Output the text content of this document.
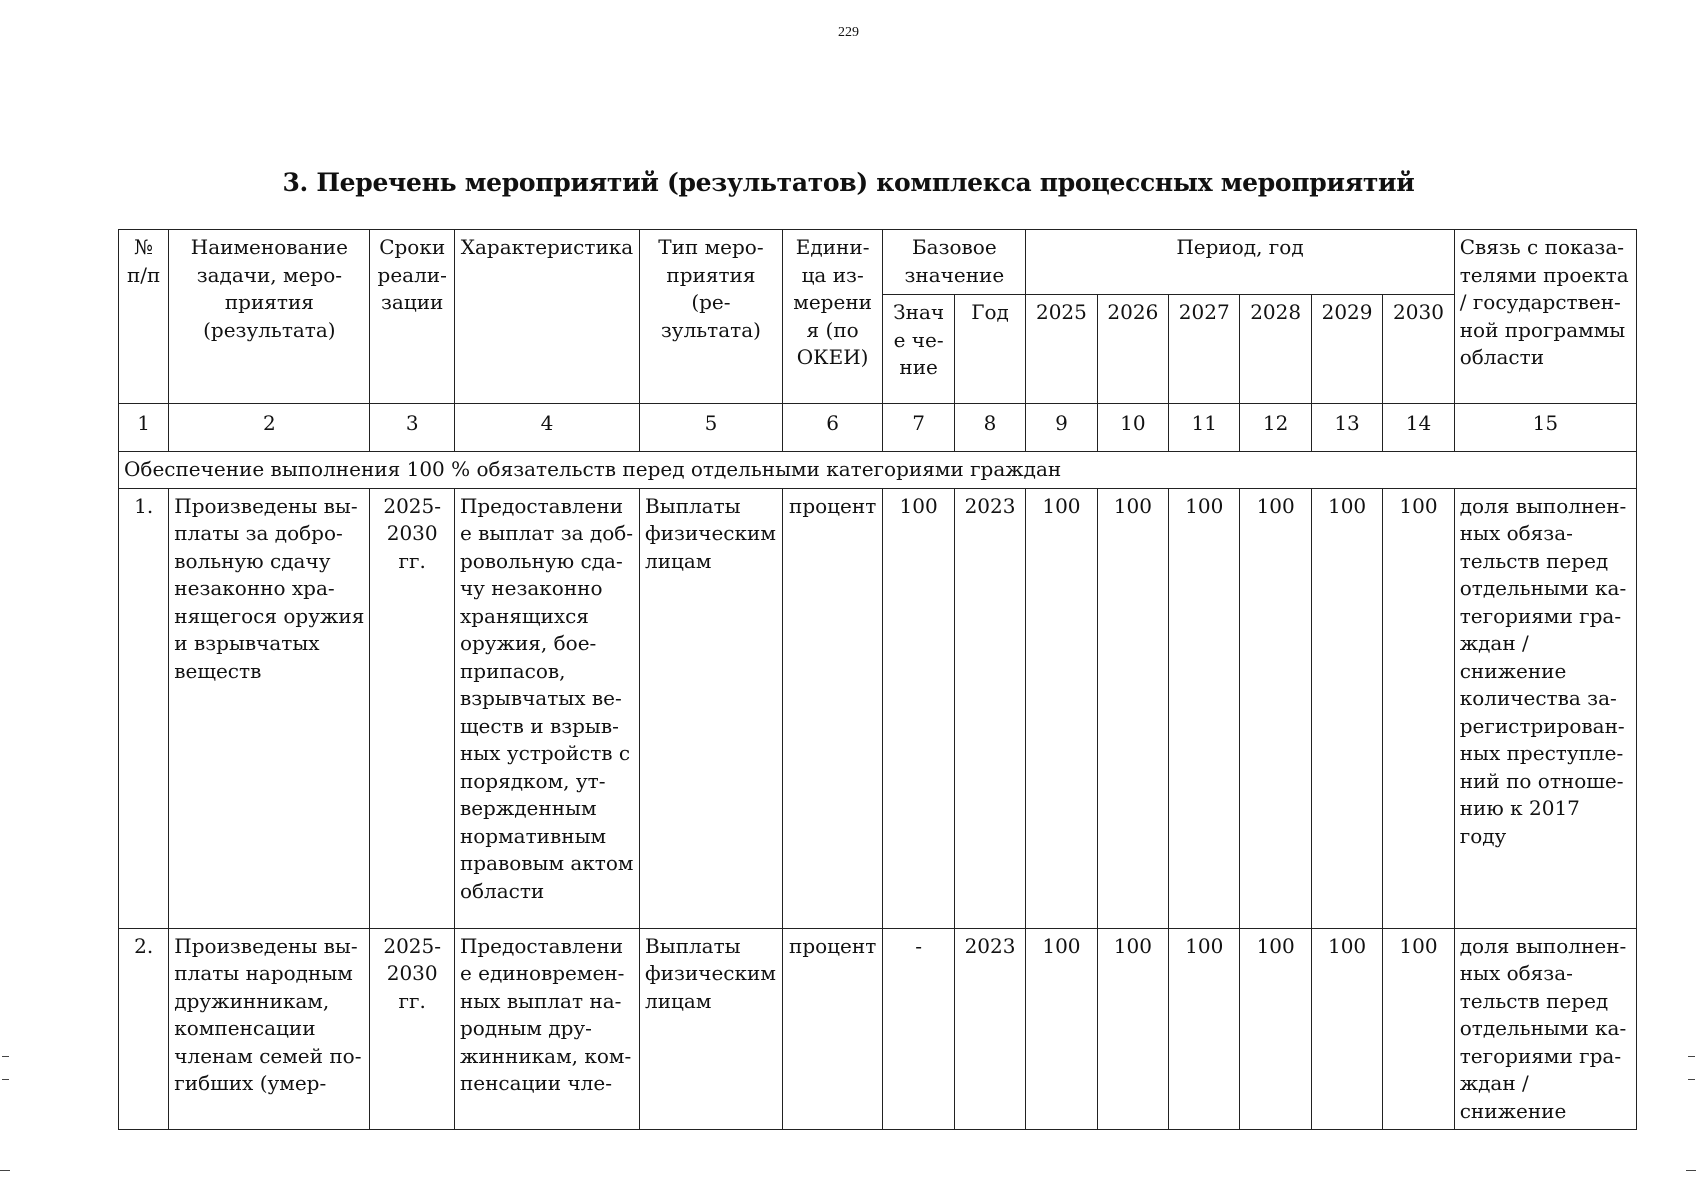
229
3. Перечень мероприятий (результатов) комплекса процессных мероприятий
№ п/п	Наименование задачи, меро-приятия (результата)	Сроки реали-зации	Характеристика	Тип меро-приятия (ре-зультата)	Едини-ца из-мерения (по ОКЕИ)	Базовое значение		Период, год						Связь с показа-телями проекта / государствен-ной программы области
						Значе че-ние	Год	2025	2026	2027	2028	2029	2030	
1	2	3	4	5	6	7	8	9	10	11	12	13	14	15
Обеспечение выполнения 100 % обязательств перед отдельными категориями граждан														
1.	Произведены вы-платы за добро-вольную сдачу незаконно хра-нящегося оружия и взрывчатых веществ	2025-2030 гг.	Предоставление выплат за доб-ровольную сда-чу незаконно хранящихся оружия, бое-припасов, взрывчатых ве-ществ и взрыв-ных устройств с порядком, ут-вержденным нормативным правовым актом области	Выплаты физическим лицам	процент	100	2023	100	100	100	100	100	100	доля выполнен-ных обяза-тельств перед отдельными ка-тегориями гра-ждан / снижение количества за-регистрирован-ных преступле-ний по отноше-нию к 2017 году
2.	Произведены вы-платы народным дружинникам, компенсации членам семей по-гибших (умер-	2025-2030 гг.	Предоставление единовремен-ных выплат на-родным дру-жинникам, ком-пенсации чле-	Выплаты физическим лицам	процент	-	2023	100	100	100	100	100	100	доля выполнен-ных обяза-тельств перед отдельными ка-тегориями гра-ждан / снижение
